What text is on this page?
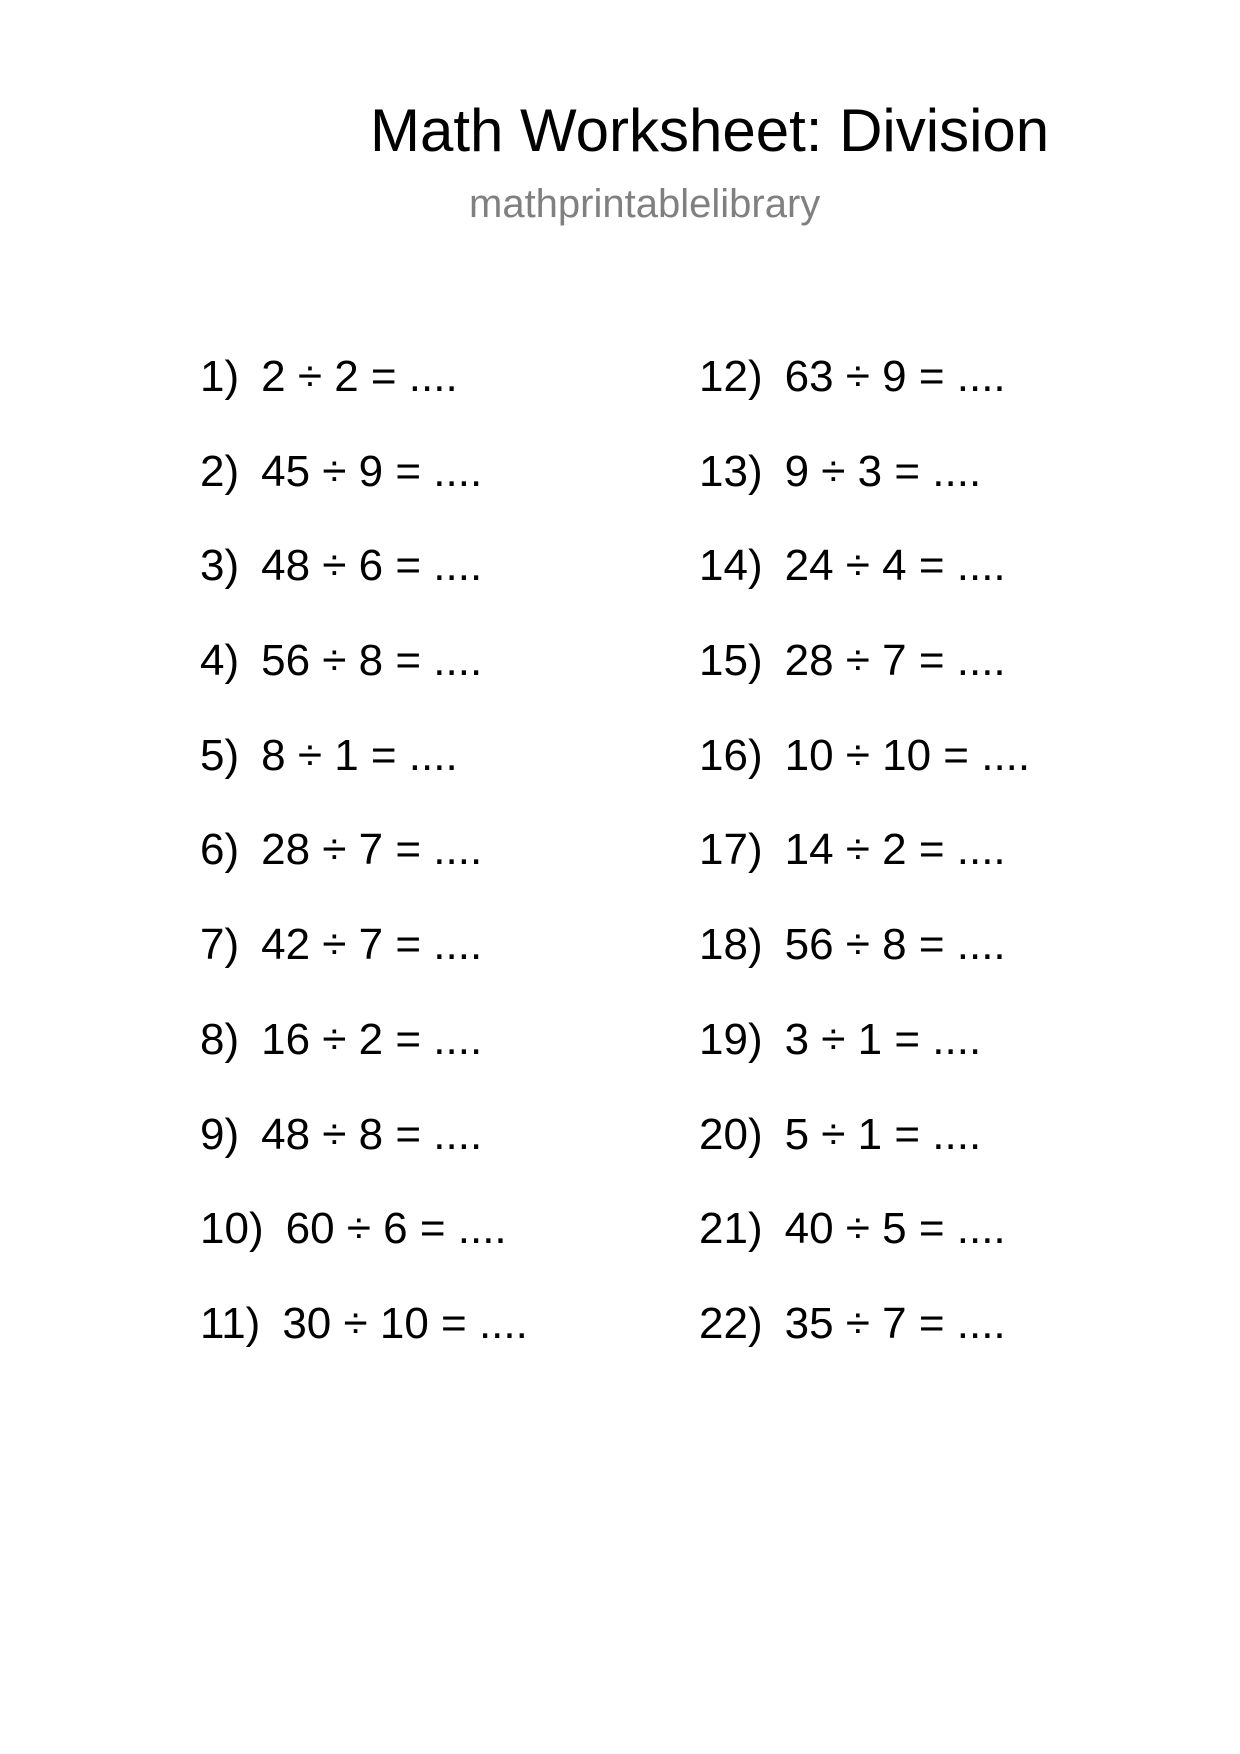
Math Worksheet: Division
mathprintablelibrary
1) 2 ÷ 2 = ....
2) 45 ÷ 9 = ....
3) 48 ÷ 6 = ....
4) 56 ÷ 8 = ....
5) 8 ÷ 1 = ....
6) 28 ÷ 7 = ....
7) 42 ÷ 7 = ....
8) 16 ÷ 2 = ....
9) 48 ÷ 8 = ....
10) 60 ÷ 6 = ....
11) 30 ÷ 10 = ....
12) 63 ÷ 9 = ....
13) 9 ÷ 3 = ....
14) 24 ÷ 4 = ....
15) 28 ÷ 7 = ....
16) 10 ÷ 10 = ....
17) 14 ÷ 2 = ....
18) 56 ÷ 8 = ....
19) 3 ÷ 1 = ....
20) 5 ÷ 1 = ....
21) 40 ÷ 5 = ....
22) 35 ÷ 7 = ....
